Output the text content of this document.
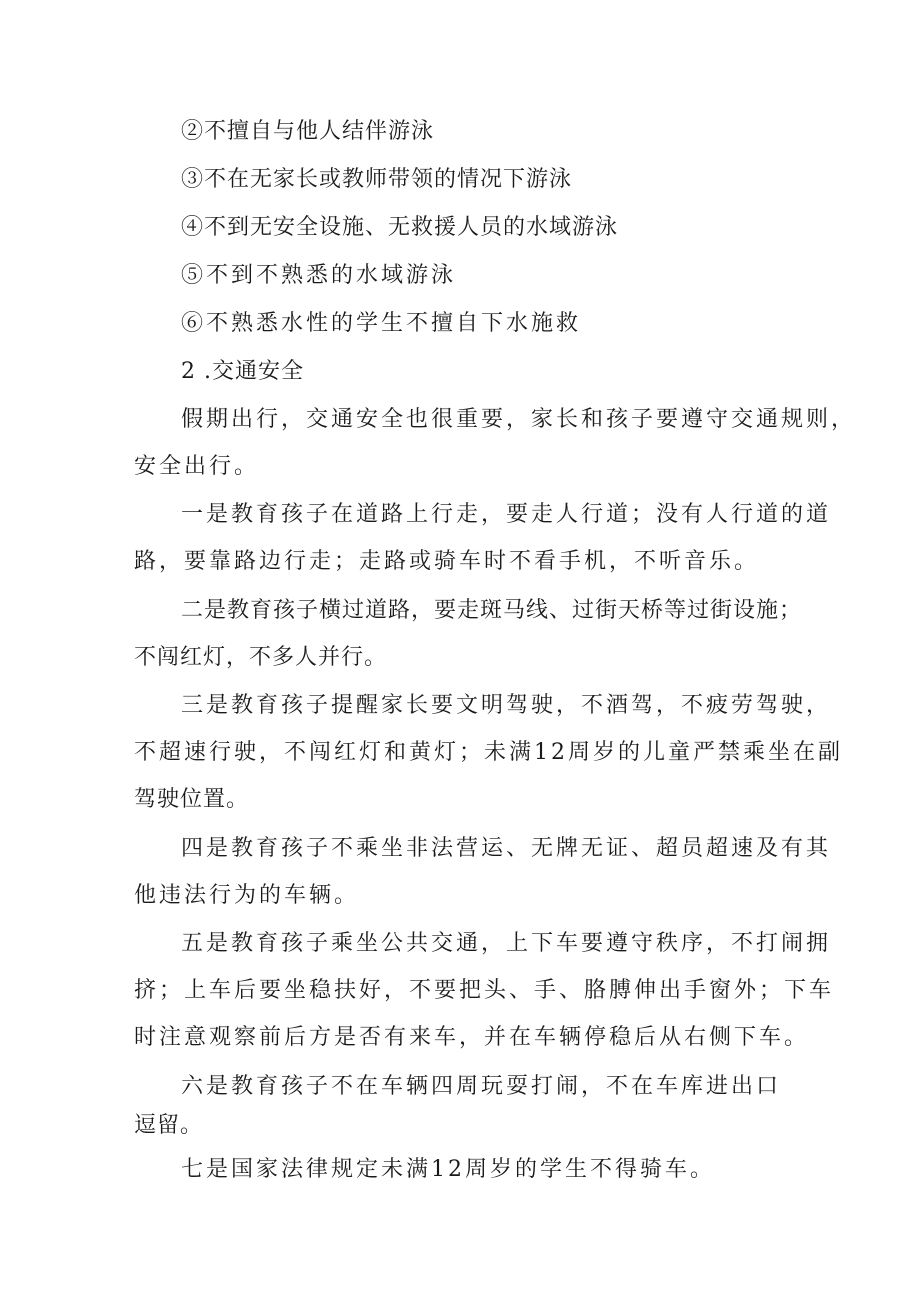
②不擅自与他人结伴游泳
③不在无家长或教师带领的情况下游泳
④不到无安全设施、无救援人员的水域游泳
⑤不到不熟悉的水域游泳
⑥不熟悉水性的学生不擅自下水施救
2 .交通安全
假期出行，交通安全也很重要，家长和孩子要遵守交通规则，
安全出行。
一是教育孩子在道路上行走，要走人行道；没有人行道的道
路，要靠路边行走；走路或骑车时不看手机，不听音乐。
二是教育孩子横过道路，要走斑马线、过街天桥等过街设施；
不闯红灯，不多人并行。
三是教育孩子提醒家长要文明驾驶，不酒驾，不疲劳驾驶，
不超速行驶，不闯红灯和黄灯；未满12周岁的儿童严禁乘坐在副
驾驶位置。
四是教育孩子不乘坐非法营运、无牌无证、超员超速及有其
他违法行为的车辆。
五是教育孩子乘坐公共交通，上下车要遵守秩序，不打闹拥
挤；上车后要坐稳扶好，不要把头、手、胳膊伸出手窗外；下车
时注意观察前后方是否有来车，并在车辆停稳后从右侧下车。
六是教育孩子不在车辆四周玩耍打闹，不在车库进出口
逗留。
七是国家法律规定未满12周岁的学生不得骑车。
